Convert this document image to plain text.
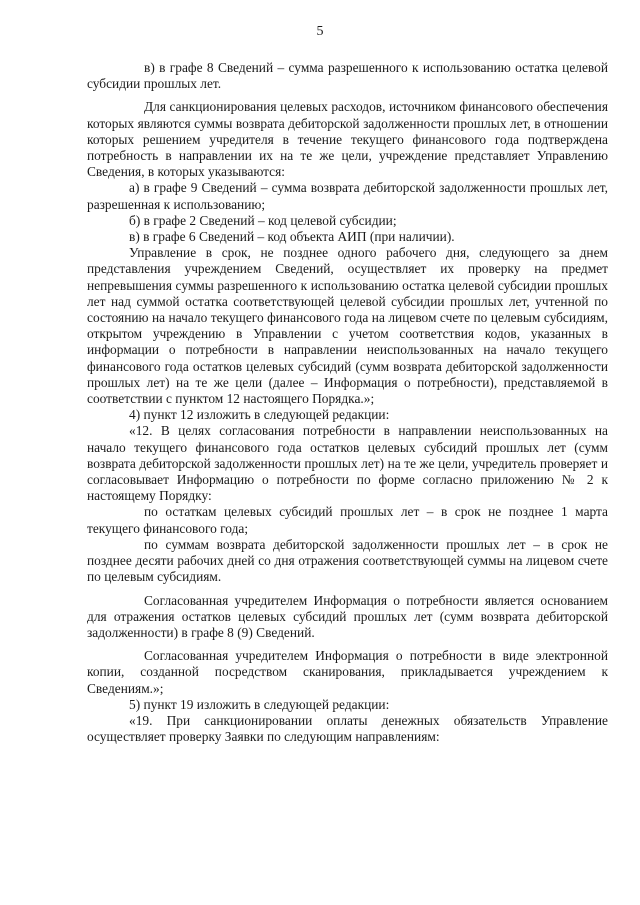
5

в) в графе 8 Сведений – сумма разрешенного к использованию остатка целевой субсидии прошлых лет.

Для санкционирования целевых расходов, источником финансового обеспечения которых являются суммы возврата дебиторской задолженности прошлых лет, в отношении которых решением учредителя в течение текущего финансового года подтверждена потребность в направлении их на те же цели, учреждение представляет Управлению Сведения, в которых указываются:

а) в графе 9 Сведений – сумма возврата дебиторской задолженности прошлых лет, разрешенная к использованию;

б) в графе 2 Сведений – код целевой субсидии;

в) в графе 6 Сведений – код объекта АИП (при наличии).

Управление в срок, не позднее одного рабочего дня, следующего за днем представления учреждением Сведений, осуществляет их проверку на предмет непревышения суммы разрешенного к использованию остатка целевой субсидии прошлых лет над суммой остатка соответствующей целевой субсидии прошлых лет, учтенной по состоянию на начало текущего финансового года на лицевом счете по целевым субсидиям, открытом учреждению в Управлении с учетом соответствия кодов, указанных в информации о потребности в направлении неиспользованных на начало текущего финансового года остатков целевых субсидий (сумм возврата дебиторской задолженности прошлых лет) на те же цели (далее – Информация о потребности), представляемой в соответствии с пунктом 12 настоящего Порядка.»;

4) пункт 12 изложить в следующей редакции:

«12. В целях согласования потребности в направлении неиспользованных на начало текущего финансового года остатков целевых субсидий прошлых лет (сумм возврата дебиторской задолженности прошлых лет) на те же цели, учредитель проверяет и согласовывает Информацию о потребности по форме согласно приложению № 2 к настоящему Порядку:

по остаткам целевых субсидий прошлых лет – в срок не позднее 1 марта текущего финансового года;

по суммам возврата дебиторской задолженности прошлых лет – в срок не позднее десяти рабочих дней со дня отражения соответствующей суммы на лицевом счете по целевым субсидиям.

Согласованная учредителем Информация о потребности является основанием для отражения остатков целевых субсидий прошлых лет (сумм возврата дебиторской задолженности) в графе 8 (9) Сведений.

Согласованная учредителем Информация о потребности в виде электронной копии, созданной посредством сканирования, прикладывается учреждением к Сведениям.»;

5) пункт 19 изложить в следующей редакции:

«19. При санкционировании оплаты денежных обязательств Управление осуществляет проверку Заявки по следующим направлениям:
